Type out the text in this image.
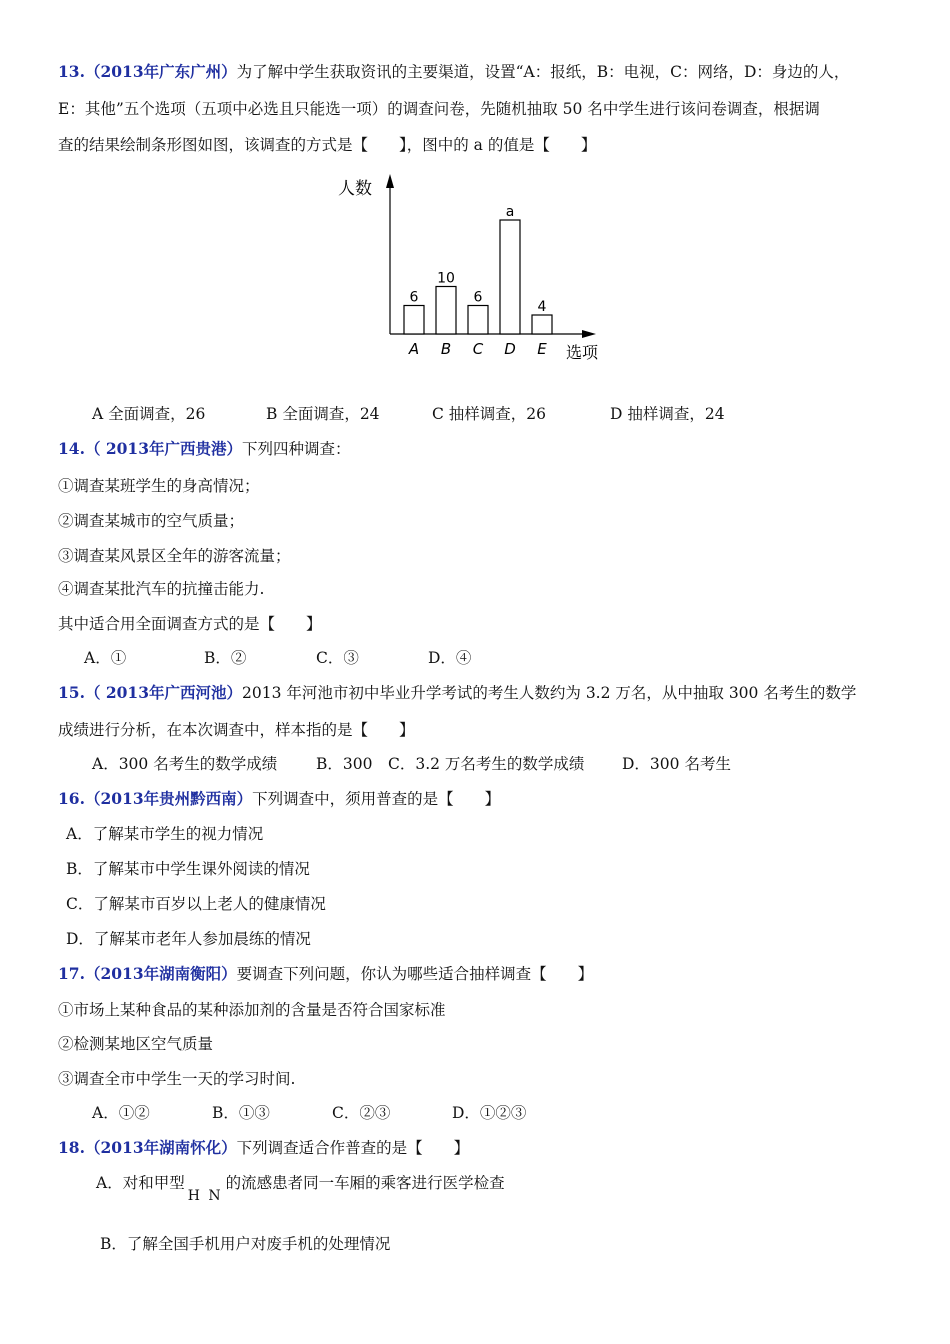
13.（2013年广东广州）为了解中学生获取资讯的主要渠道，设置“A：报纸，B：电视，C：网络，D：身边的人，
E：其他”五个选项（五项中必选且只能选一项）的调查问卷，先随机抽取 50 名中学生进行该问卷调查，根据调
查的结果绘制条形图如图，该调查的方式是【　　】，图中的 a 的值是【　　】
人数
选项
6
A
10
B
6
C
a
D
4
E
A 全面调查，26	B 全面调查，24	C 抽样调查，26	D 抽样调查，24
14.（ 2013年广西贵港）下列四种调查：
①调查某班学生的身高情况；
②调查某城市的空气质量；
③调查某风景区全年的游客流量；
④调查某批汽车的抗撞击能力.
其中适合用全面调查方式的是【　　】
A．①	B．②	C．③	D．④
15.（ 2013年广西河池）2013 年河池市初中毕业升学考试的考生人数约为 3.2 万名，从中抽取 300 名考生的数学
成绩进行分析，在本次调查中，样本指的是【　　】
A．300 名考生的数学成绩	B．300 C．3.2 万名考生的数学成绩 D．300 名考生
16.（2013年贵州黔西南）下列调查中，须用普查的是【　　】
A．了解某市学生的视力情况
B．了解某市中学生课外阅读的情况
C．了解某市百岁以上老人的健康情况
D．了解某市老年人参加晨练的情况
17.（2013年湖南衡阳）要调查下列问题，你认为哪些适合抽样调查【　　】
①市场上某种食品的某种添加剂的含量是否符合国家标准
②检测某地区空气质量
③调查全市中学生一天的学习时间.
A．①②	B．①③	C．②③	D．①②③
18.（2013年湖南怀化）下列调查适合作普查的是【　　】
A．对和甲型H N的流感患者同一车厢的乘客进行医学检查
B．了解全国手机用户对废手机的处理情况
